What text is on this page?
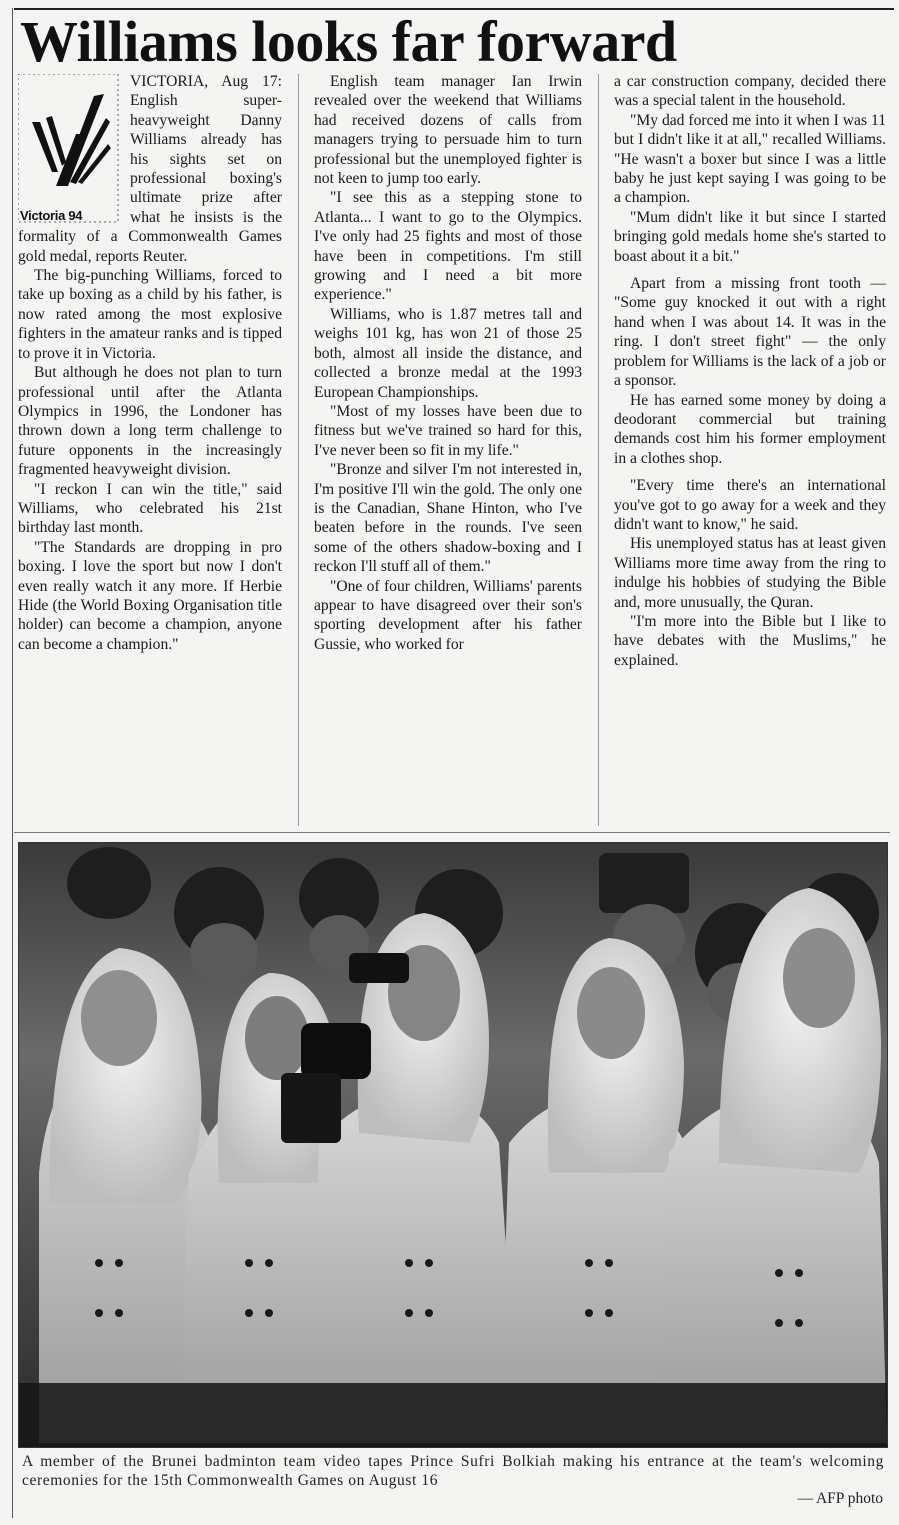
Williams looks far forward
Victoria 94

VICTORIA, Aug 17: English super-heavyweight Danny Williams already has his sights set on professional boxing's ultimate prize after what he insists is the formality of a Commonwealth Games gold medal, reports Reuter.

The big-punching Williams, forced to take up boxing as a child by his father, is now rated among the most explosive fighters in the amateur ranks and is tipped to prove it in Victoria.

But although he does not plan to turn professional until after the Atlanta Olympics in 1996, the Londoner has thrown down a long term challenge to future opponents in the increasingly fragmented heavyweight division.

"I reckon I can win the title," said Williams, who celebrated his 21st birthday last month.

"The Standards are dropping in pro boxing. I love the sport but now I don't even really watch it any more. If Herbie Hide (the World Boxing Organisation title holder) can become a champion, anyone can become a champion."

English team manager Ian Irwin revealed over the weekend that Williams had received dozens of calls from managers trying to persuade him to turn professional but the unemployed fighter is not keen to jump too early.

"I see this as a stepping stone to Atlanta... I want to go to the Olympics. I've only had 25 fights and most of those have been in competitions. I'm still growing and I need a bit more experience."

Williams, who is 1.87 metres tall and weighs 101 kg, has won 21 of those 25 both, almost all inside the distance, and collected a bronze medal at the 1993 European Championships.

"Most of my losses have been due to fitness but we've trained so hard for this, I've never been so fit in my life."

"Bronze and silver I'm not interested in, I'm positive I'll win the gold. The only one is the Canadian, Shane Hinton, who I've beaten before in the rounds. I've seen some of the others shadow-boxing and I reckon I'll stuff all of them."

"One of four children, Williams' parents appear to have disagreed over their son's sporting development after his father Gussie, who worked for

a car construction company, decided there was a special talent in the household.

"My dad forced me into it when I was 11 but I didn't like it at all," recalled Williams. "He wasn't a boxer but since I was a little baby he just kept saying I was going to be a champion.

"Mum didn't like it but since I started bringing gold medals home she's started to boast about it a bit."

Apart from a missing front tooth — "Some guy knocked it out with a right hand when I was about 14. It was in the ring. I don't street fight" — the only problem for Williams is the lack of a job or a sponsor.

He has earned some money by doing a deodorant commercial but training demands cost him his former employment in a clothes shop.

"Every time there's an international you've got to go away for a week and they didn't want to know," he said.

His unemployed status has at least given Williams more time away from the ring to indulge his hobbies of studying the Bible and, more unusually, the Quran.

"I'm more into the Bible but I like to have debates with the Muslims," he explained.

A member of the Brunei badminton team video tapes Prince Sufri Bolkiah making his entrance at the team's welcoming ceremonies for the 15th Commonwealth Games on August 16
— AFP photo
